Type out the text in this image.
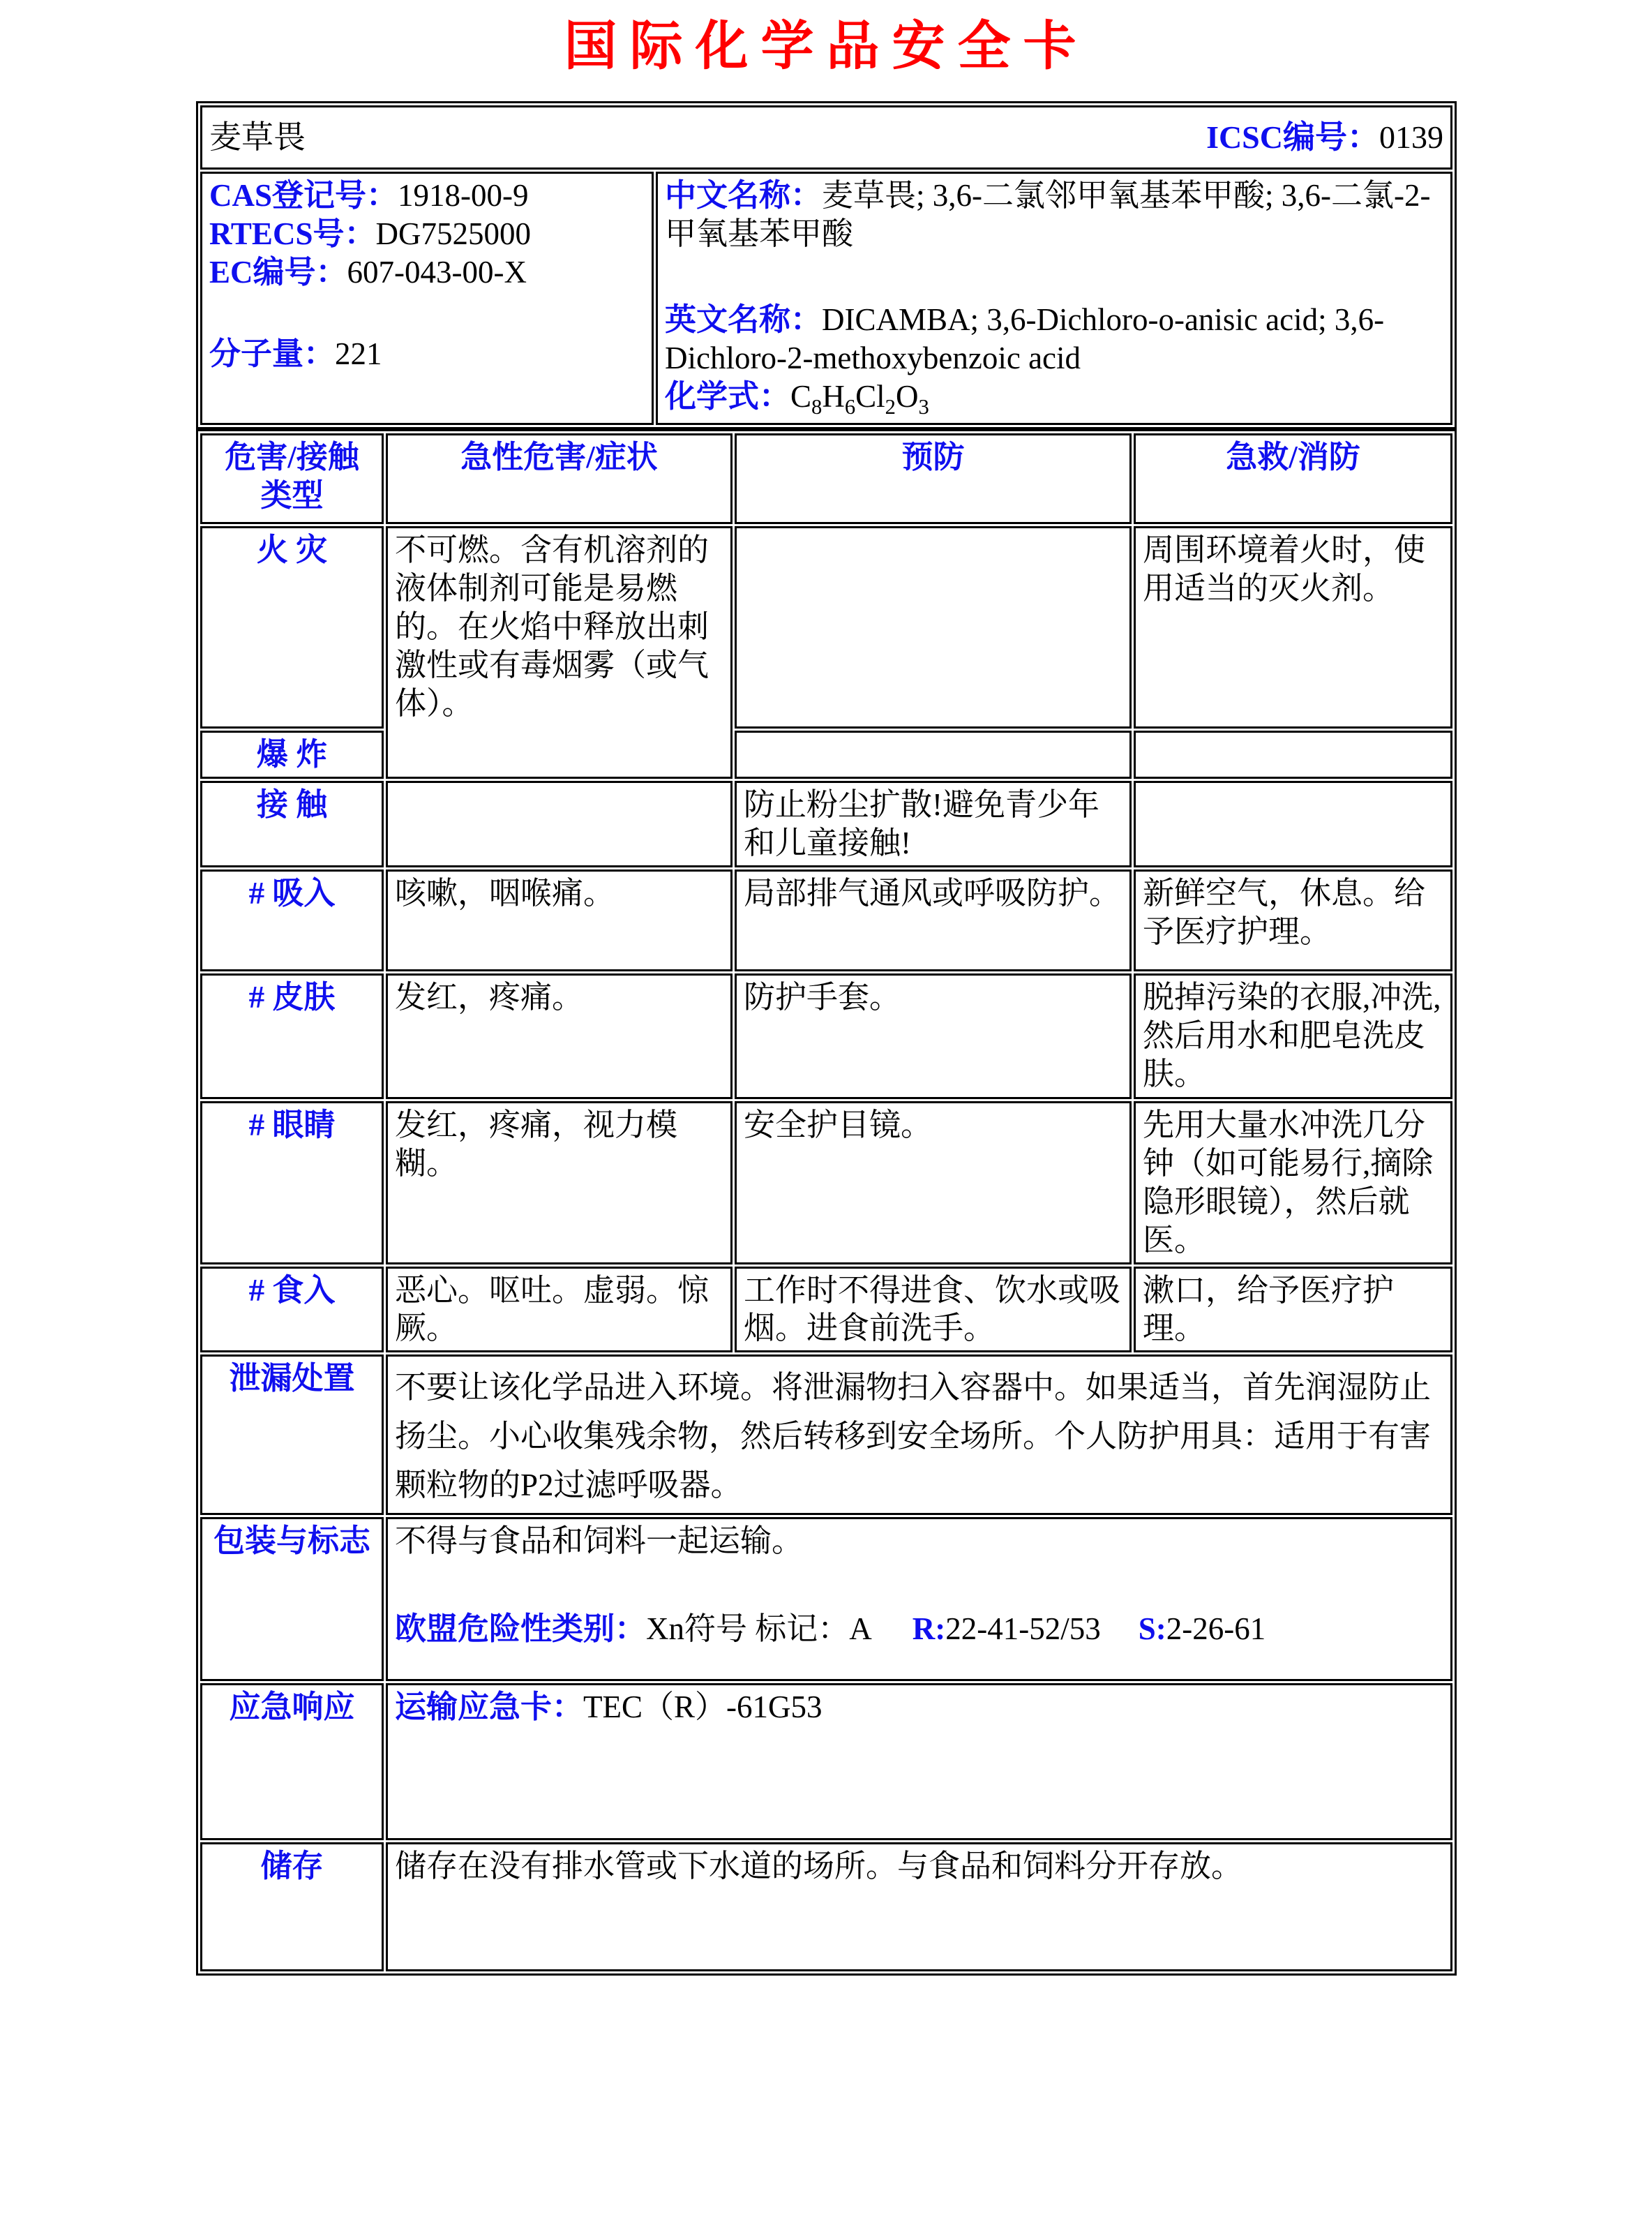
国际化学品安全卡
麦草畏	ICSC编号：0139

CAS登记号：1918-00-9
RTECS号：DG7525000
EC编号：607-043-00-X
分子量：221

中文名称：麦草畏; 3,6-二氯邻甲氧基苯甲酸; 3,6-二氯-2-甲氧基苯甲酸
英文名称：DICAMBA; 3,6-Dichloro-o-anisic acid; 3,6-Dichloro-2-methoxybenzoic acid
化学式：$C_8H_6Cl_2O_3$
危害/接触
类型	急性危害/症状	预防	急救/消防
火 灾	不可燃。含有机溶剂的液体制剂可能是易燃的。在火焰中释放出刺激性或有毒烟雾（或气体）。		周围环境着火时，使用适当的灭火剂。
爆 炸			
接 触		防止粉尘扩散!避免青少年和儿童接触!	
# 吸入	咳嗽，咽喉痛。	局部排气通风或呼吸防护。	新鲜空气，休息。给予医疗护理。
# 皮肤	发红，疼痛。	防护手套。	脱掉污染的衣服,冲洗,然后用水和肥皂洗皮肤。
# 眼睛	发红，疼痛，视力模糊。	安全护目镜。	先用大量水冲洗几分钟（如可能易行,摘除隐形眼镜），然后就医。
# 食入	恶心。呕吐。虚弱。惊厥。	工作时不得进食、饮水或吸烟。进食前洗手。	漱口，给予医疗护理。
泄漏处置	不要让该化学品进入环境。将泄漏物扫入容器中。如果适当，首先润湿防止扬尘。小心收集残余物，然后转移到安全场所。个人防护用具：适用于有害颗粒物的P2过滤呼吸器。		
包装与标志	不得与食品和饲料一起运输。
欧盟危险性类别：Xn符号 标记：A R:22-41-52/53 S:2-26-61		

应急响应	运输应急卡：TEC（R）-61G53		
储存	储存在没有排水管或下水道的场所。与食品和饲料分开存放。		
